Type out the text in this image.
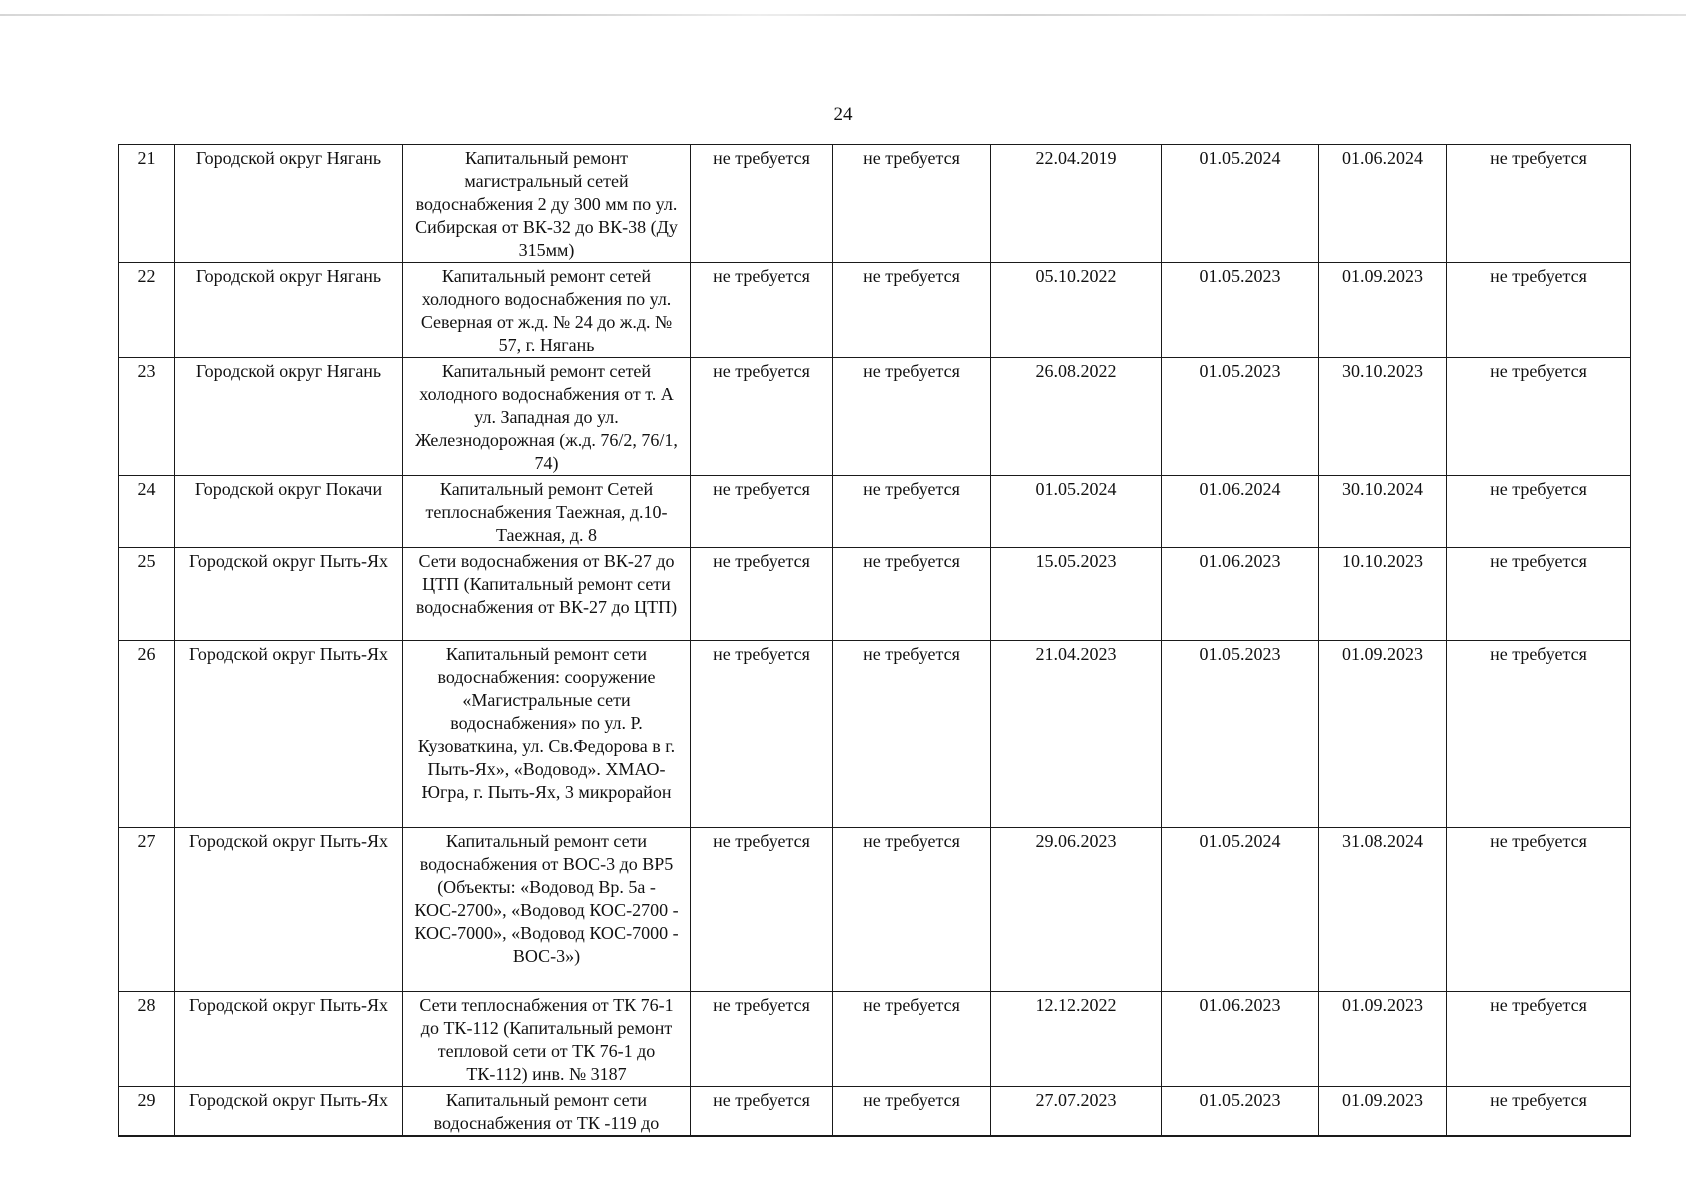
24
21	Городской округ Нягань	Капитальный ремонт магистральный сетей водоснабжения 2 ду 300 мм по ул. Сибирская от ВК-32 до ВК-38 (Ду 315мм)	не требуется	не требуется	22.04.2019	01.05.2024	01.06.2024	не требуется
22	Городской округ Нягань	Капитальный ремонт сетей холодного водоснабжения по ул. Северная от ж.д. № 24 до ж.д. № 57, г. Нягань	не требуется	не требуется	05.10.2022	01.05.2023	01.09.2023	не требуется
23	Городской округ Нягань	Капитальный ремонт сетей холодного водоснабжения от т. А ул. Западная до ул. Железнодорожная (ж.д. 76/2, 76/1, 74)	не требуется	не требуется	26.08.2022	01.05.2023	30.10.2023	не требуется
24	Городской округ Покачи	Капитальный ремонт Сетей теплоснабжения Таежная, д.10-Таежная, д. 8	не требуется	не требуется	01.05.2024	01.06.2024	30.10.2024	не требуется
25	Городской округ Пыть-Ях	Сети водоснабжения от ВК-27 до ЦТП (Капитальный ремонт сети водоснабжения от ВК-27 до ЦТП)	не требуется	не требуется	15.05.2023	01.06.2023	10.10.2023	не требуется
26	Городской округ Пыть-Ях	Капитальный ремонт сети водоснабжения: сооружение «Магистральные сети водоснабжения» по ул. Р. Кузоваткина, ул. Св.Федорова в г. Пыть-Ях», «Водовод». ХМАО-Югра, г. Пыть-Ях, 3 микрорайон	не требуется	не требуется	21.04.2023	01.05.2023	01.09.2023	не требуется
27	Городской округ Пыть-Ях	Капитальный ремонт сети водоснабжения от ВОС-3 до ВР5 (Объекты: «Водовод Вр. 5а - КОС-2700», «Водовод КОС-2700 - КОС-7000», «Водовод КОС-7000 - ВОС-3»)	не требуется	не требуется	29.06.2023	01.05.2024	31.08.2024	не требуется
28	Городской округ Пыть-Ях	Сети теплоснабжения от ТК 76-1 до ТК-112 (Капитальный ремонт тепловой сети от ТК 76-1 до ТК-112) инв. № 3187	не требуется	не требуется	12.12.2022	01.06.2023	01.09.2023	не требуется
29	Городской округ Пыть-Ях	Капитальный ремонт сети водоснабжения от ТК -119 до	не требуется	не требуется	27.07.2023	01.05.2023	01.09.2023	не требуется
